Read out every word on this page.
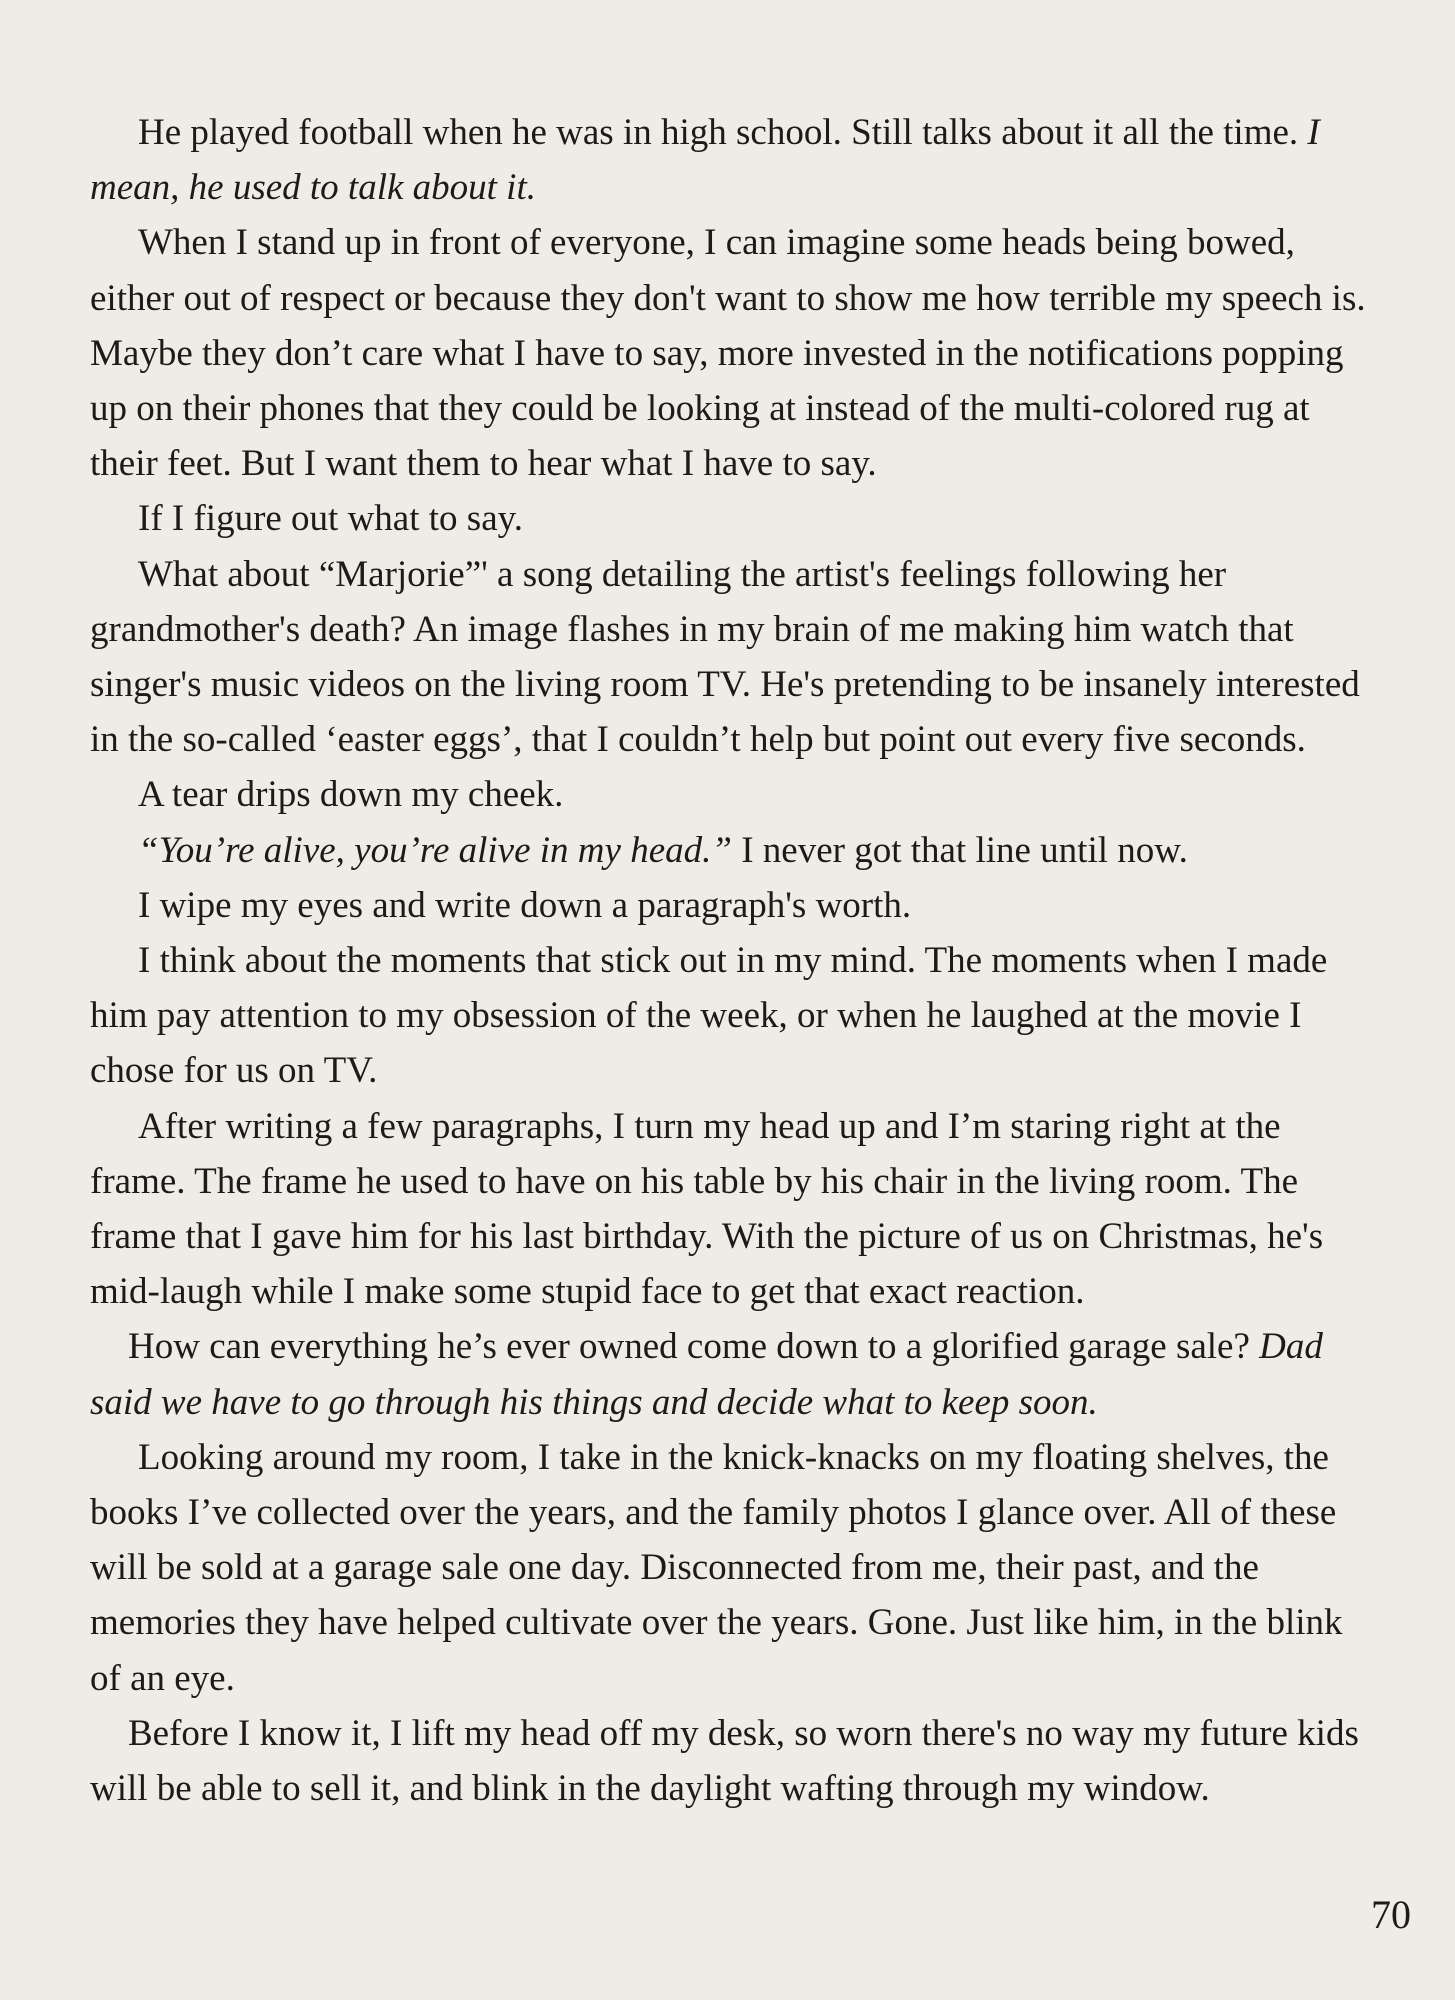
He played football when he was in high school. Still talks about it all the time. I mean, he used to talk about it.

When I stand up in front of everyone, I can imagine some heads being bowed, either out of respect or because they don't want to show me how terrible my speech is. Maybe they don’t care what I have to say, more invested in the notifications popping up on their phones that they could be looking at instead of the multi-colored rug at their feet. But I want them to hear what I have to say.

If I figure out what to say.

What about “Marjorie”' a song detailing the artist's feelings following her grandmother's death? An image flashes in my brain of me making him watch that singer's music videos on the living room TV. He's pretending to be insanely interested in the so-called ‘easter eggs’, that I couldn’t help but point out every five seconds.

A tear drips down my cheek.

“You’re alive, you’re alive in my head.” I never got that line until now.

I wipe my eyes and write down a paragraph's worth.

I think about the moments that stick out in my mind. The moments when I made him pay attention to my obsession of the week, or when he laughed at the movie I chose for us on TV.

After writing a few paragraphs, I turn my head up and I’m staring right at the frame. The frame he used to have on his table by his chair in the living room. The frame that I gave him for his last birthday. With the picture of us on Christmas, he's mid-laugh while I make some stupid face to get that exact reaction.

How can everything he’s ever owned come down to a glorified garage sale? Dad said we have to go through his things and decide what to keep soon.

Looking around my room, I take in the knick-knacks on my floating shelves, the books I’ve collected over the years, and the family photos I glance over. All of these will be sold at a garage sale one day. Disconnected from me, their past, and the memories they have helped cultivate over the years. Gone. Just like him, in the blink of an eye.

Before I know it, I lift my head off my desk, so worn there's no way my future kids will be able to sell it, and blink in the daylight wafting through my window.

70
